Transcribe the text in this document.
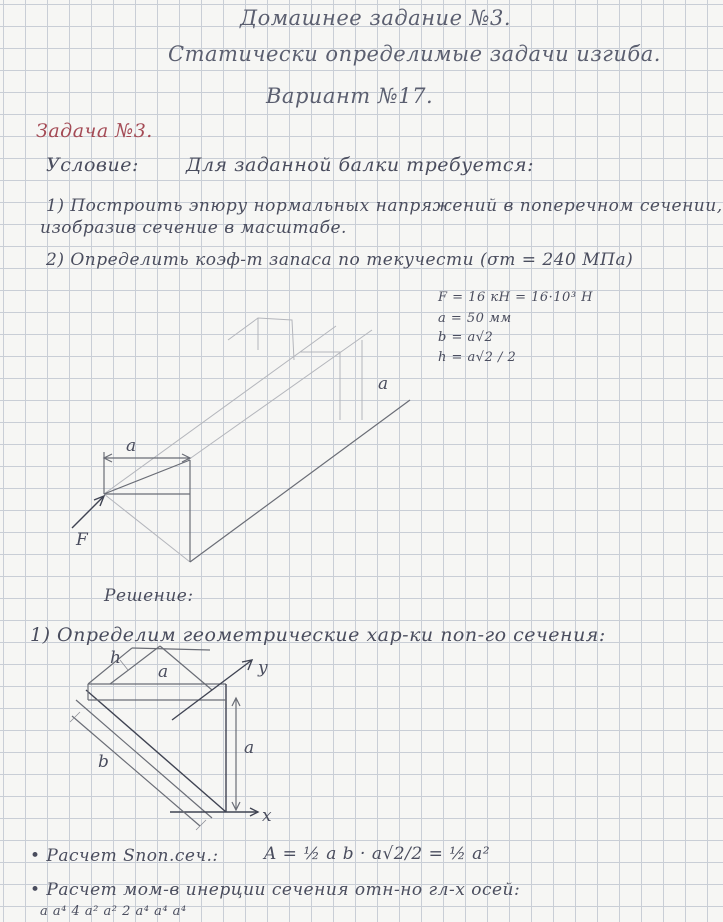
Домашнее задание №3.
Статически определимые задачи изгиба.
Вариант №17.
Задача №3.
Условие: Для заданной балки требуется:
1) Построить эпюру нормальных напряжений в поперечном сечении,
изобразив сечение в масштабе.
2) Определить коэф-т запаса по текучести (σт = 240 МПа)
F = 16 кН = 16·10³ Н
a = 50 мм
b = a√2
h = a√2 / 2
a
a
F
Решение:
1) Определим геометрические хар-ки поп-го сечения:
h
a	y
a
b
x
• Расчет Sпоп.сеч.:	A = ½ a b · a√2/2 = ½ a²
• Расчет мом-в инерции сечения отн-но гл-х осей:
a a⁴ 4 a² a² 2 a⁴ a⁴ a⁴
